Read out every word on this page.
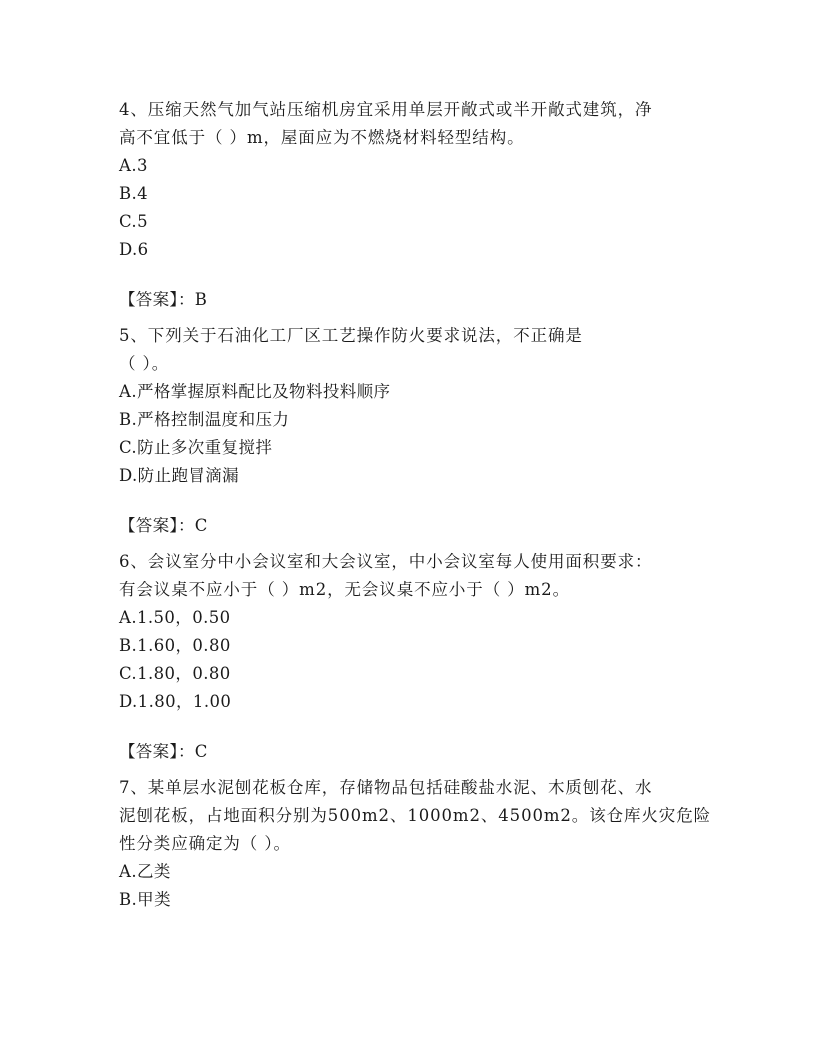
4、压缩天然气加气站压缩机房宜采用单层开敞式或半开敞式建筑，净
高不宜低于（ ）m，屋面应为不燃烧材料轻型结构。
A.3
B.4
C.5
D.6
【答案】：B
5、下列关于石油化工厂区工艺操作防火要求说法，不正确是
（ ）。
A.严格掌握原料配比及物料投料顺序
B.严格控制温度和压力
C.防止多次重复搅拌
D.防止跑冒滴漏
【答案】：C
6、会议室分中小会议室和大会议室，中小会议室每人使用面积要求：
有会议桌不应小于（ ）m2，无会议桌不应小于（ ）m2。
A.1.50，0.50
B.1.60，0.80
C.1.80，0.80
D.1.80，1.00
【答案】：C
7、某单层水泥刨花板仓库，存储物品包括硅酸盐水泥、木质刨花、水
泥刨花板，占地面积分别为500m2、1000m2、4500m2。该仓库火灾危险
性分类应确定为（ ）。
A.乙类
B.甲类
